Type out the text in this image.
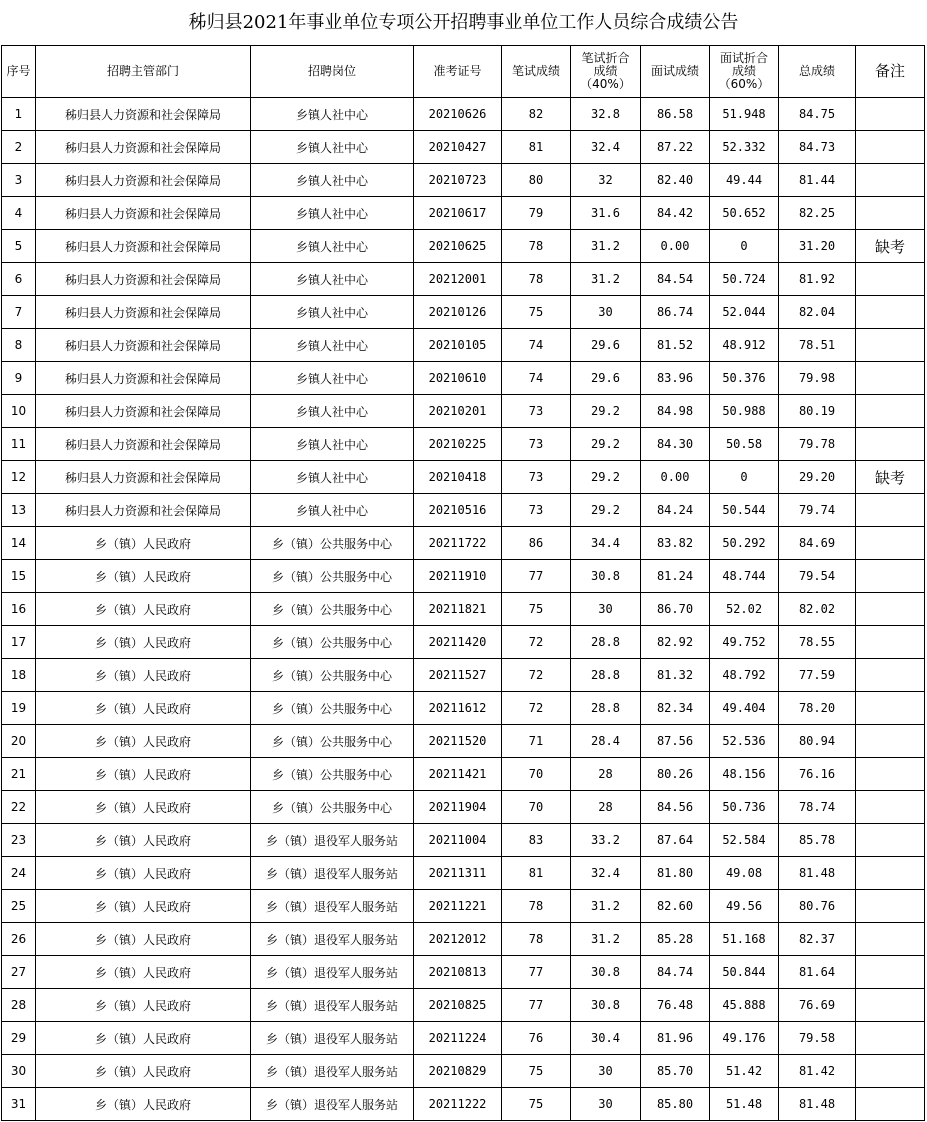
秭归县2021年事业单位专项公开招聘事业单位工作人员综合成绩公告
序号	招聘主管部门	招聘岗位	准考证号	笔试成绩	笔试折合成绩（40%）	面试成绩	面试折合成绩（60%）	总成绩	备注
1	秭归县人力资源和社会保障局	乡镇人社中心	20210626	82	32.8	86.58	51.948	84.75	
2	秭归县人力资源和社会保障局	乡镇人社中心	20210427	81	32.4	87.22	52.332	84.73	
3	秭归县人力资源和社会保障局	乡镇人社中心	20210723	80	32	82.40	49.44	81.44	
4	秭归县人力资源和社会保障局	乡镇人社中心	20210617	79	31.6	84.42	50.652	82.25	
5	秭归县人力资源和社会保障局	乡镇人社中心	20210625	78	31.2	0.00	0	31.20	缺考
6	秭归县人力资源和社会保障局	乡镇人社中心	20212001	78	31.2	84.54	50.724	81.92	
7	秭归县人力资源和社会保障局	乡镇人社中心	20210126	75	30	86.74	52.044	82.04	
8	秭归县人力资源和社会保障局	乡镇人社中心	20210105	74	29.6	81.52	48.912	78.51	
9	秭归县人力资源和社会保障局	乡镇人社中心	20210610	74	29.6	83.96	50.376	79.98	
10	秭归县人力资源和社会保障局	乡镇人社中心	20210201	73	29.2	84.98	50.988	80.19	
11	秭归县人力资源和社会保障局	乡镇人社中心	20210225	73	29.2	84.30	50.58	79.78	
12	秭归县人力资源和社会保障局	乡镇人社中心	20210418	73	29.2	0.00	0	29.20	缺考
13	秭归县人力资源和社会保障局	乡镇人社中心	20210516	73	29.2	84.24	50.544	79.74	
14	乡（镇）人民政府	乡（镇）公共服务中心	20211722	86	34.4	83.82	50.292	84.69	
15	乡（镇）人民政府	乡（镇）公共服务中心	20211910	77	30.8	81.24	48.744	79.54	
16	乡（镇）人民政府	乡（镇）公共服务中心	20211821	75	30	86.70	52.02	82.02	
17	乡（镇）人民政府	乡（镇）公共服务中心	20211420	72	28.8	82.92	49.752	78.55	
18	乡（镇）人民政府	乡（镇）公共服务中心	20211527	72	28.8	81.32	48.792	77.59	
19	乡（镇）人民政府	乡（镇）公共服务中心	20211612	72	28.8	82.34	49.404	78.20	
20	乡（镇）人民政府	乡（镇）公共服务中心	20211520	71	28.4	87.56	52.536	80.94	
21	乡（镇）人民政府	乡（镇）公共服务中心	20211421	70	28	80.26	48.156	76.16	
22	乡（镇）人民政府	乡（镇）公共服务中心	20211904	70	28	84.56	50.736	78.74	
23	乡（镇）人民政府	乡（镇）退役军人服务站	20211004	83	33.2	87.64	52.584	85.78	
24	乡（镇）人民政府	乡（镇）退役军人服务站	20211311	81	32.4	81.80	49.08	81.48	
25	乡（镇）人民政府	乡（镇）退役军人服务站	20211221	78	31.2	82.60	49.56	80.76	
26	乡（镇）人民政府	乡（镇）退役军人服务站	20212012	78	31.2	85.28	51.168	82.37	
27	乡（镇）人民政府	乡（镇）退役军人服务站	20210813	77	30.8	84.74	50.844	81.64	
28	乡（镇）人民政府	乡（镇）退役军人服务站	20210825	77	30.8	76.48	45.888	76.69	
29	乡（镇）人民政府	乡（镇）退役军人服务站	20211224	76	30.4	81.96	49.176	79.58	
30	乡（镇）人民政府	乡（镇）退役军人服务站	20210829	75	30	85.70	51.42	81.42	
31	乡（镇）人民政府	乡（镇）退役军人服务站	20211222	75	30	85.80	51.48	81.48	
